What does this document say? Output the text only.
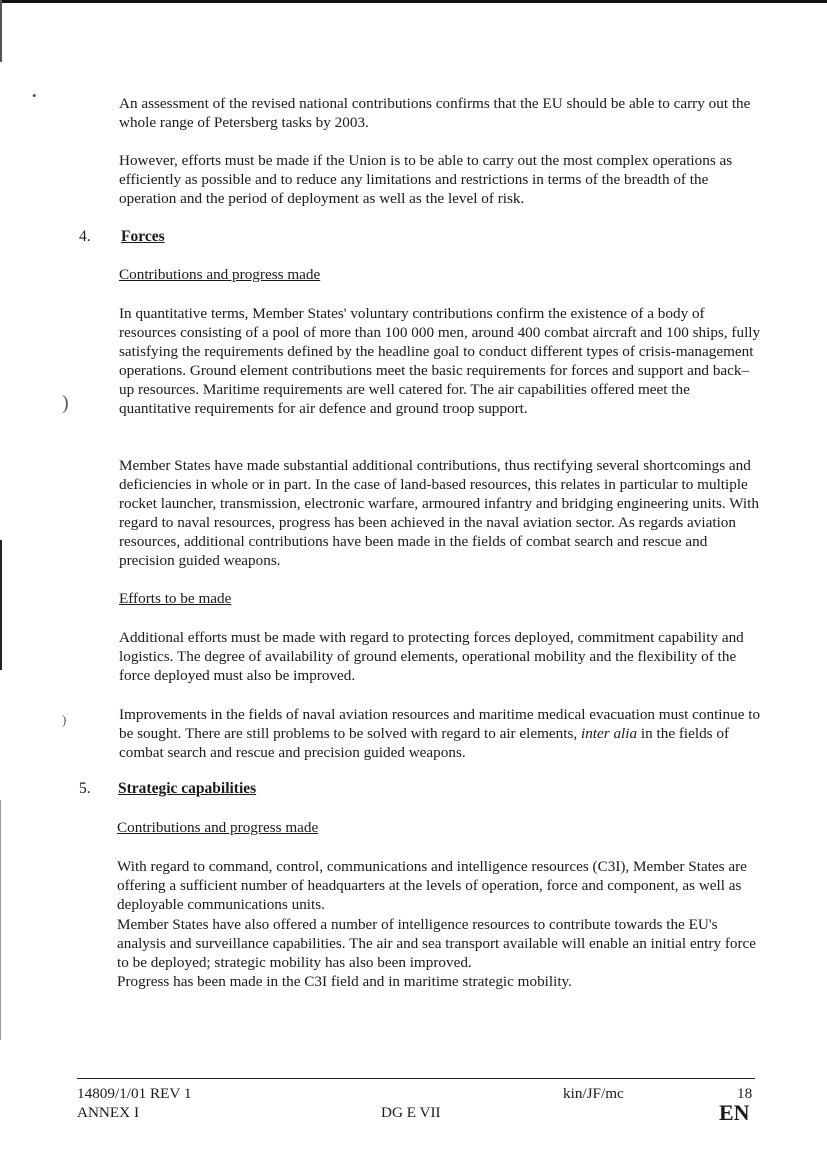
•
)
)

An assessment of the revised national contributions confirms that the EU should be able to carry out the whole range of Petersberg tasks by 2003.

However, efforts must be made if the Union is to be able to carry out the most complex operations as efficiently as possible and to reduce any limitations and restrictions in terms of the breadth of the operation and the period of deployment as well as the level of risk.

4. Forces
Contributions and progress made

In quantitative terms, Member States' voluntary contributions confirm the existence of a body of resources consisting of a pool of more than 100 000 men, around 400 combat aircraft and 100 ships, fully satisfying the requirements defined by the headline goal to conduct different types of crisis-management operations. Ground element contributions meet the basic requirements for forces and support and back–up resources. Maritime requirements are well catered for. The air capabilities offered meet the quantitative requirements for air defence and ground troop support.

Member States have made substantial additional contributions, thus rectifying several shortcomings and deficiencies in whole or in part. In the case of land-based resources, this relates in particular to multiple rocket launcher, transmission, electronic warfare, armoured infantry and bridging engineering units. With regard to naval resources, progress has been achieved in the naval aviation sector. As regards aviation resources, additional contributions have been made in the fields of combat search and rescue and precision guided weapons.

Efforts to be made

Additional efforts must be made with regard to protecting forces deployed, commitment capability and logistics. The degree of availability of ground elements, operational mobility and the flexibility of the force deployed must also be improved.

Improvements in the fields of naval aviation resources and maritime medical evacuation must continue to be sought. There are still problems to be solved with regard to air elements, inter alia in the fields of combat search and rescue and precision guided weapons.

5. Strategic capabilities
Contributions and progress made

With regard to command, control, communications and intelligence resources (C3I), Member States are offering a sufficient number of headquarters at the levels of operation, force and component, as well as deployable communications units.

Member States have also offered a number of intelligence resources to contribute towards the EU's analysis and surveillance capabilities. The air and sea transport available will enable an initial entry force to be deployed; strategic mobility has also been improved.

Progress has been made in the C3I field and in maritime strategic mobility.

14809/1/01 REV 1
ANNEX I
kin/JF/mc
DG E VII
18
EN
